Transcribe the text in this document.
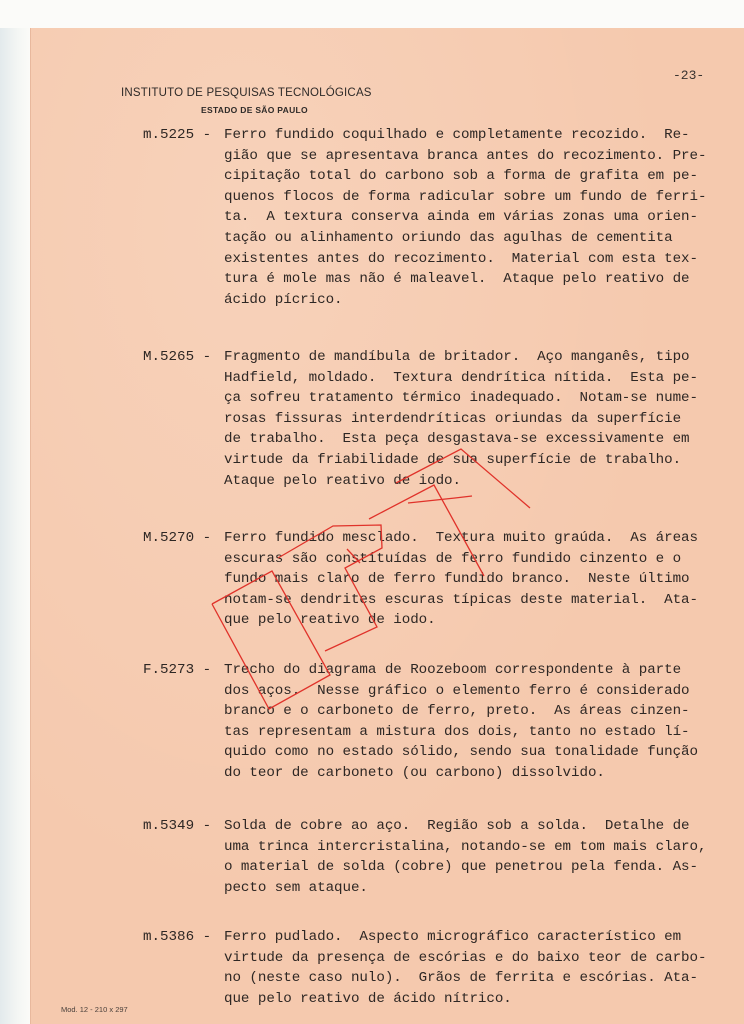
INSTITUTO DE PESQUISAS TECNOLÓGICAS
ESTADO DE SÃO PAULO
-23-
m.5225 - Ferro fundido coquilhado e completamente recozido.  Re-
gião que se apresentava branca antes do recozimento. Pre-
cipitação total do carbono sob a forma de grafita em pe-
quenos flocos de forma radicular sobre um fundo de ferri-
ta.  A textura conserva ainda em várias zonas uma orien-
tação ou alinhamento oriundo das agulhas de cementita
existentes antes do recozimento.  Material com esta tex-
tura é mole mas não é maleavel.  Ataque pelo reativo de
ácido pícrico.
M.5265 - Fragmento de mandíbula de britador.  Aço manganês, tipo
Hadfield, moldado.  Textura dendrítica nítida.  Esta pe-
ça sofreu tratamento térmico inadequado.  Notam-se nume-
rosas fissuras interdendríticas oriundas da superfície
de trabalho.  Esta peça desgastava-se excessivamente em
virtude da friabilidade de sua superfície de trabalho.
Ataque pelo reativo de iodo.
M.5270 - Ferro fundido mesclado.  Textura muito graúda.  As áreas
escuras são constituídas de ferro fundido cinzento e o
fundo mais claro de ferro fundido branco.  Neste último
notam-se dendrites escuras típicas deste material.  Ata-
que pelo reativo de iodo.
F.5273 - Trecho do diagrama de Roozeboom correspondente à parte
dos aços.  Nesse gráfico o elemento ferro é considerado
branco e o carboneto de ferro, preto.  As áreas cinzen-
tas representam a mistura dos dois, tanto no estado lí-
quido como no estado sólido, sendo sua tonalidade função
do teor de carboneto (ou carbono) dissolvido.
m.5349 - Solda de cobre ao aço.  Região sob a solda.  Detalhe de
uma trinca intercristalina, notando-se em tom mais claro,
o material de solda (cobre) que penetrou pela fenda. As-
pecto sem ataque.
m.5386 - Ferro pudlado.  Aspecto micrográfico característico em
virtude da presença de escórias e do baixo teor de carbo-
no (neste caso nulo).  Grãos de ferrita e escórias. Ata-
que pelo reativo de ácido nítrico.
Mod. 12 - 210 x 297
